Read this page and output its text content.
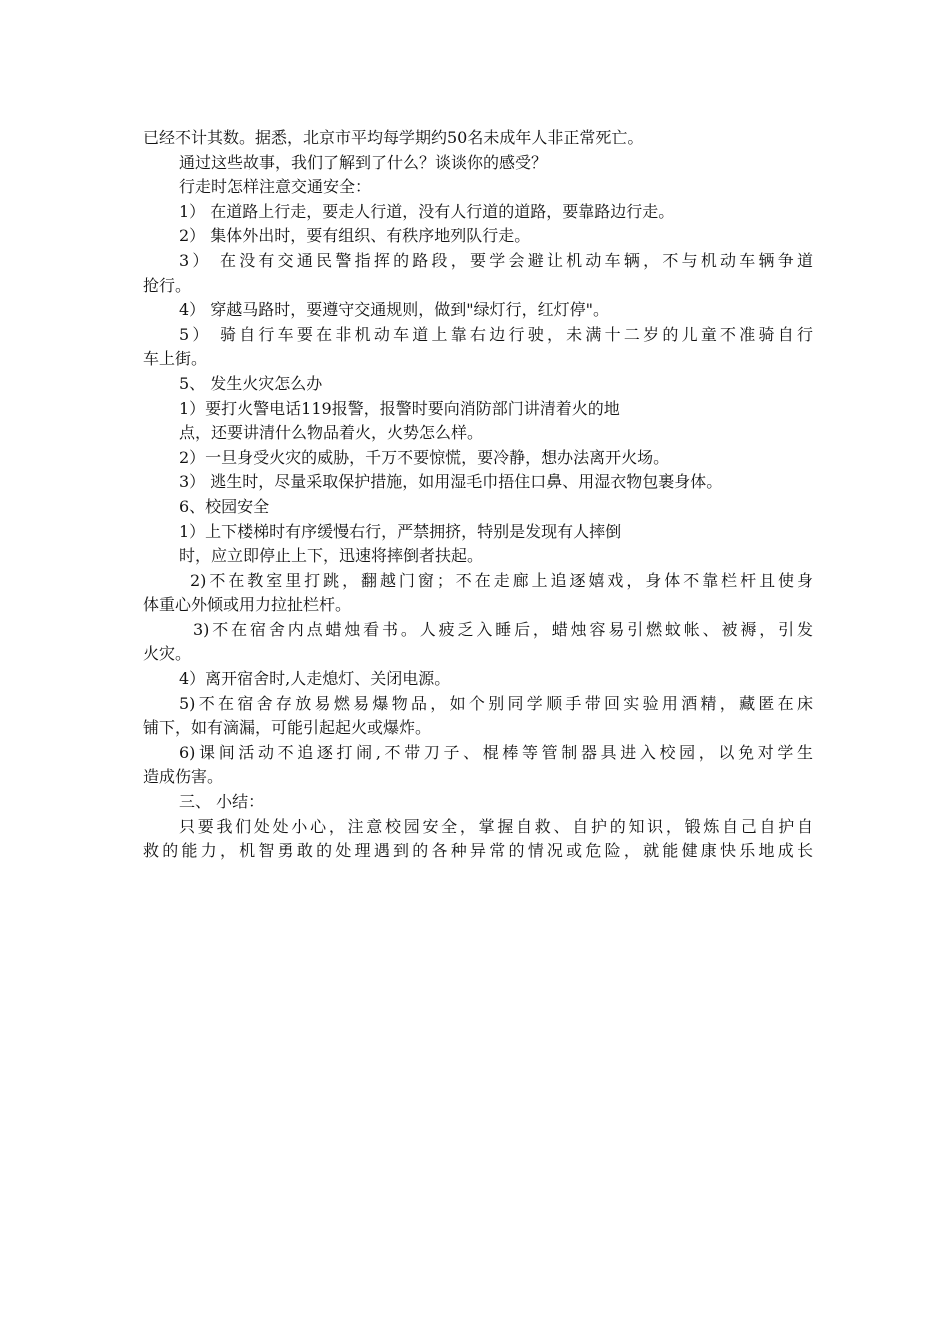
已经不计其数。据悉，北京市平均每学期约50名未成年人非正常死亡。
通过这些故事，我们了解到了什么？谈谈你的感受？
行走时怎样注意交通安全：
1） 在道路上行走，要走人行道，没有人行道的道路，要靠路边行走。
2） 集体外出时，要有组织、有秩序地列队行走。
3） 在没有交通民警指挥的路段，要学会避让机动车辆，不与机动车辆争道
抢行。
4） 穿越马路时，要遵守交通规则，做到"绿灯行，红灯停"。
5） 骑自行车要在非机动车道上靠右边行驶，未满十二岁的儿童不准骑自行
车上街。
5、 发生火灾怎么办
1）要打火警电话119报警，报警时要向消防部门讲清着火的地
点，还要讲清什么物品着火，火势怎么样。
2）一旦身受火灾的威胁，千万不要惊慌，要冷静，想办法离开火场。
3） 逃生时，尽量采取保护措施，如用湿毛巾捂住口鼻、用湿衣物包裹身体。
6、校园安全
1）上下楼梯时有序缓慢右行，严禁拥挤，特别是发现有人摔倒
时，应立即停止上下，迅速将摔倒者扶起。
2)不在教室里打跳，翻越门窗；不在走廊上追逐嬉戏，身体不靠栏杆且使身
体重心外倾或用力拉扯栏杆。
3)不在宿舍内点蜡烛看书。人疲乏入睡后，蜡烛容易引燃蚊帐、被褥，引发
火灾。
4）离开宿舍时,人走熄灯、关闭电源。
5)不在宿舍存放易燃易爆物品，如个别同学顺手带回实验用酒精，藏匿在床
铺下，如有滴漏，可能引起起火或爆炸。
6)课间活动不追逐打闹,不带刀子、棍棒等管制器具进入校园，以免对学生
造成伤害。
三、 小结：
只要我们处处小心，注意校园安全，掌握自救、自护的知识，锻炼自己自护自
救的能力，机智勇敢的处理遇到的各种异常的情况或危险，就能健康快乐地成长
